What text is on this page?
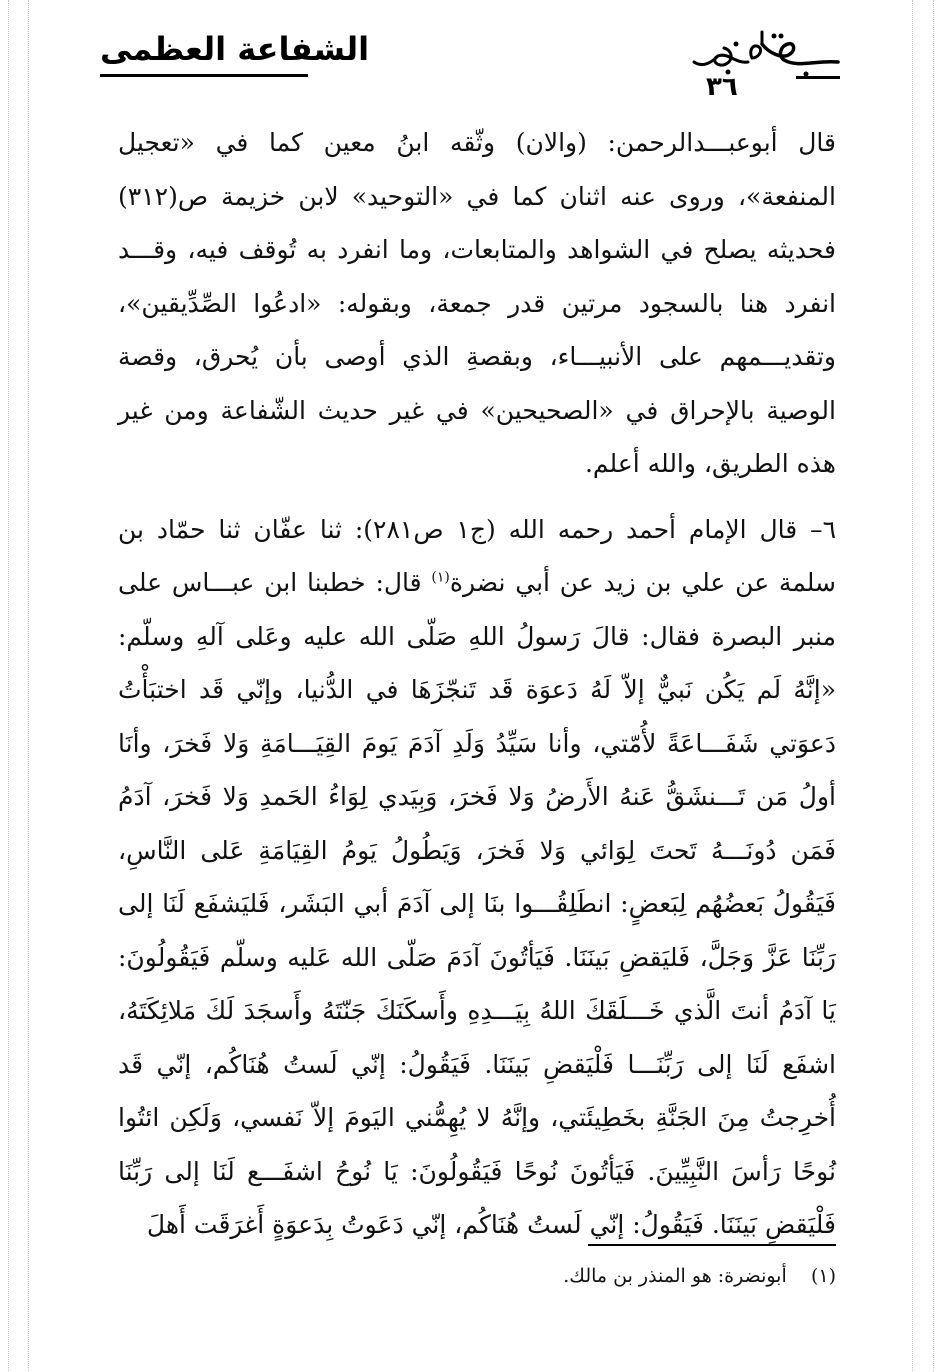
الشفاعة العظمى
٣٦

قال أبوعبـــدالرحمن: (والان) وثّقه ابنُ معين كما في «تعجيل المنفعة»، وروى عنه اثنان كما في «التوحيد» لابن خزيمة ص(٣١٢) فحديثه يصلح في الشواهد والمتابعات، وما انفرد به تُوقف فيه، وقـــد انفرد هنا بالسجود مرتين قدر جمعة، وبقوله: «ادعُوا الصِّدِّيقين»، وتقديـــمهم على الأنبيـــاء، وبقصةِ الذي أوصى بأن يُحرق، وقصة الوصية بالإحراق في «الصحيحين» في غير حديث الشّفاعة ومن غير هذه الطريق، والله أعلم.

٦– قال الإمام أحمد رحمه الله (ج١ ص٢٨١): ثنا عفّان ثنا حمّاد بن سلمة عن علي بن زيد عن أبي نضرة$^{(١)}$ قال: خطبنا ابن عبـــاس على منبر البصرة فقال: قالَ رَسولُ اللهِ صَلّى الله عليه وعَلى آلهِ وسلّم: «إنَّهُ لَم يَكُن نَبيٌّ إلاّ لَهُ دَعوَة قَد تَنجّزَهَا في الدُّنيا، وإنّي قَد اختبَأْتُ دَعوَتي شَفَـــاعَةً لأُمّتي، وأنا سَيِّدُ وَلَدِ آدَمَ يَومَ القِيَـــامَةِ وَلا فَخرَ، وأنَا أولُ مَن تَـــنشَقُّ عَنهُ الأَرضُ وَلا فَخرَ، وَبِيَدي لِوَاءُ الحَمدِ وَلا فَخرَ، آدَمُ فَمَن دُونَـــهُ تَحتَ لِوَائي وَلا فَخرَ، وَيَطُولُ يَومُ القِيَامَةِ عَلى النَّاسِ، فَيَقُولُ بَعضُهُم لِبَعضٍ: انطَلِقُـــوا بنَا إلى آدَمَ أبي البَشَر، فَليَشفَع لَنَا إلى رَبِّنَا عَزَّ وَجَلَّ، فَليَقضِ بَينَنَا. فَيَأتُونَ آدَمَ صَلّى الله عَليه وسلّم فَيَقُولُونَ: يَا آدَمُ أنتَ الَّذي خَـــلَقَكَ اللهُ بِيَـــدِهِ وأَسكَنَكَ جَنّتَهُ وأَسجَدَ لَكَ مَلائِكَتَهُ، اشفَع لَنَا إلى رَبِّنَـــا فَلْيَقضِ بَينَنَا. فَيَقُولُ: إنّي لَستُ هُنَاكُم، إنّي قَد أُخرِجتُ مِنَ الجَنَّةِ بخَطِيئَتي، وإنَّهُ لا يُهِمُّني اليَومَ إلاّ نَفسي، وَلَكِن ائتُوا نُوحًا رَأسَ النَّبِيِّينَ. فَيَأتُونَ نُوحًا فَيَقُولُونَ: يَا نُوحُ اشفَـــع لَنَا إلى رَبِّنَا فَلْيَقضِ بَينَنَا. فَيَقُولُ: إنّي لَستُ هُنَاكُم، إنّي دَعَوتُ بِدَعوَةٍ أَغرَقَت أَهلَ

(١)    أبونضرة: هو المنذر بن مالك.
